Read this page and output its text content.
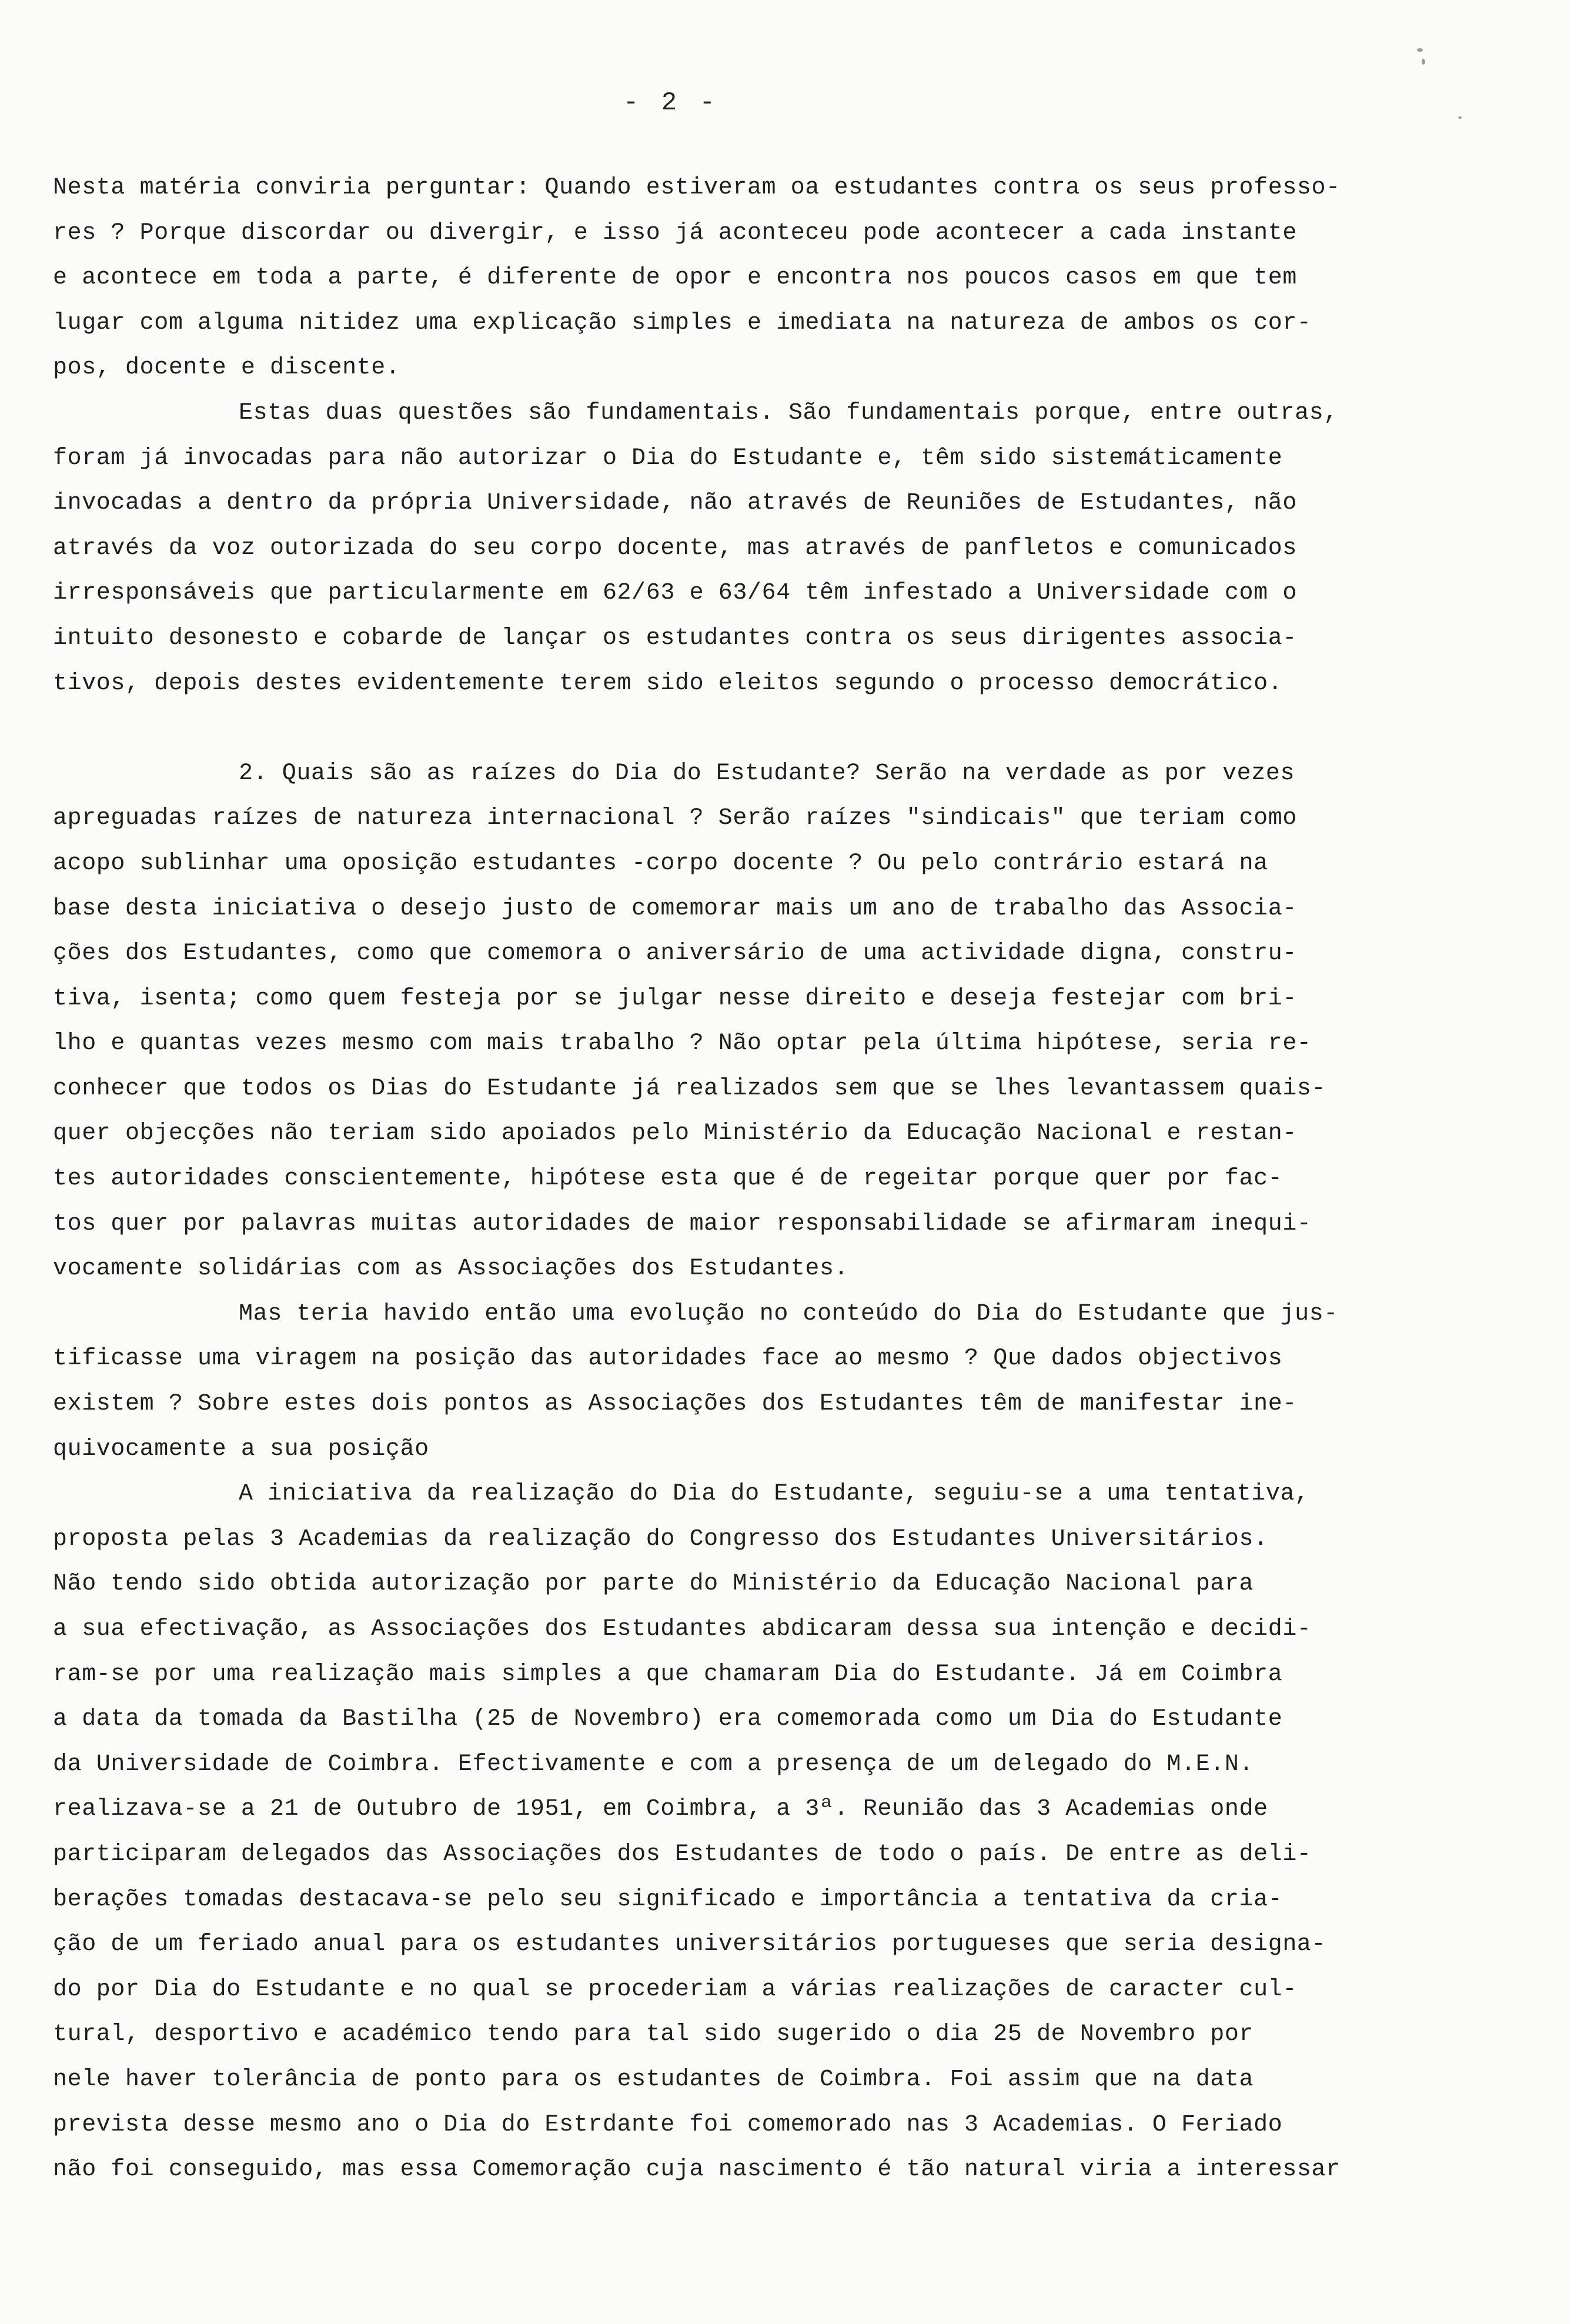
- 2 -
Nesta matéria conviria perguntar: Quando estiveram oa estudantes contra os seus professo-
res ? Porque discordar ou divergir, e isso já aconteceu pode acontecer a cada instante
e acontece em toda a parte, é diferente de opor e encontra nos poucos casos em que tem
lugar com alguma nitidez uma explicação simples e imediata na natureza de ambos os cor-
pos, docente e discente.
Estas duas questões são fundamentais. São fundamentais porque, entre outras,
foram já invocadas para não autorizar o Dia do Estudante e, têm sido sistemáticamente
invocadas a dentro da própria Universidade, não através de Reuniões de Estudantes, não
através da voz outorizada do seu corpo docente, mas através de panfletos e comunicados
irresponsáveis que particularmente em 62/63 e 63/64 têm infestado a Universidade com o
intuito desonesto e cobarde de lançar os estudantes contra os seus dirigentes associa-
tivos, depois destes evidentemente terem sido eleitos segundo o processo democrático.
2. Quais são as raízes do Dia do Estudante? Serão na verdade as por vezes
apreguadas raízes de natureza internacional ? Serão raízes "sindicais" que teriam como
acopo sublinhar uma oposição estudantes -corpo docente ? Ou pelo contrário estará na
base desta iniciativa o desejo justo de comemorar mais um ano de trabalho das Associa-
ções dos Estudantes, como que comemora o aniversário de uma actividade digna, constru-
tiva, isenta; como quem festeja por se julgar nesse direito e deseja festejar com bri-
lho e quantas vezes mesmo com mais trabalho ? Não optar pela última hipótese, seria re-
conhecer que todos os Dias do Estudante já realizados sem que se lhes levantassem quais-
quer objecções não teriam sido apoiados pelo Ministério da Educação Nacional e restan-
tes autoridades conscientemente, hipótese esta que é de regeitar porque quer por fac-
tos quer por palavras muitas autoridades de maior responsabilidade se afirmaram inequi-
vocamente solidárias com as Associações dos Estudantes.
Mas teria havido então uma evolução no conteúdo do Dia do Estudante que jus-
tificasse uma viragem na posição das autoridades face ao mesmo ? Que dados objectivos
existem ? Sobre estes dois pontos as Associações dos Estudantes têm de manifestar ine-
quivocamente a sua posição
A iniciativa da realização do Dia do Estudante, seguiu-se a uma tentativa,
proposta pelas 3 Academias da realização do Congresso dos Estudantes Universitários.
Não tendo sido obtida autorização por parte do Ministério da Educação Nacional para
a sua efectivação, as Associações dos Estudantes abdicaram dessa sua intenção e decidi-
ram-se por uma realização mais simples a que chamaram Dia do Estudante. Já em Coimbra
a data da tomada da Bastilha (25 de Novembro) era comemorada como um Dia do Estudante
da Universidade de Coimbra. Efectivamente e com a presença de um delegado do M.E.N.
realizava-se a 21 de Outubro de 1951, em Coimbra, a 3ª. Reunião das 3 Academias onde
participaram delegados das Associações dos Estudantes de todo o país. De entre as deli-
berações tomadas destacava-se pelo seu significado e importância a tentativa da cria-
ção de um feriado anual para os estudantes universitários portugueses que seria designa-
do por Dia do Estudante e no qual se procederiam a várias realizações de caracter cul-
tural, desportivo e académico tendo para tal sido sugerido o dia 25 de Novembro por
nele haver tolerância de ponto para os estudantes de Coimbra. Foi assim que na data
prevista desse mesmo ano o Dia do Estrdante foi comemorado nas 3 Academias. O Feriado
não foi conseguido, mas essa Comemoração cuja nascimento é tão natural viria a interessar
